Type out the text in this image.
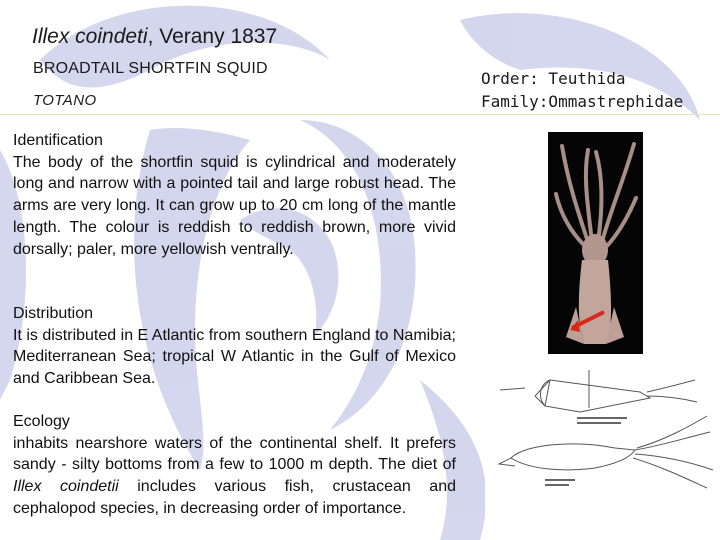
Illex coindeti, Verany 1837
BROADTAIL SHORTFIN SQUID
TOTANO
Order: Teuthida
Family:Ommastrephidae
Identification
The body of the shortfin squid is cylindrical and moderately long and narrow with a pointed tail and large robust head. The arms are very long. It can grow up to 20 cm long of the mantle length. The colour is reddish to reddish brown, more vivid dorsally; paler, more yellowish ventrally.
Distribution
It is distributed in E Atlantic from southern England to Namibia; Mediterranean Sea; tropical W Atlantic in the Gulf of Mexico and Caribbean Sea.
Ecology
inhabits nearshore waters of the continental shelf. It prefers sandy - silty bottoms from a few to 1000 m depth. The diet of Illex coindetii includes various fish, crustacean and cephalopod species, in decreasing order of importance.
